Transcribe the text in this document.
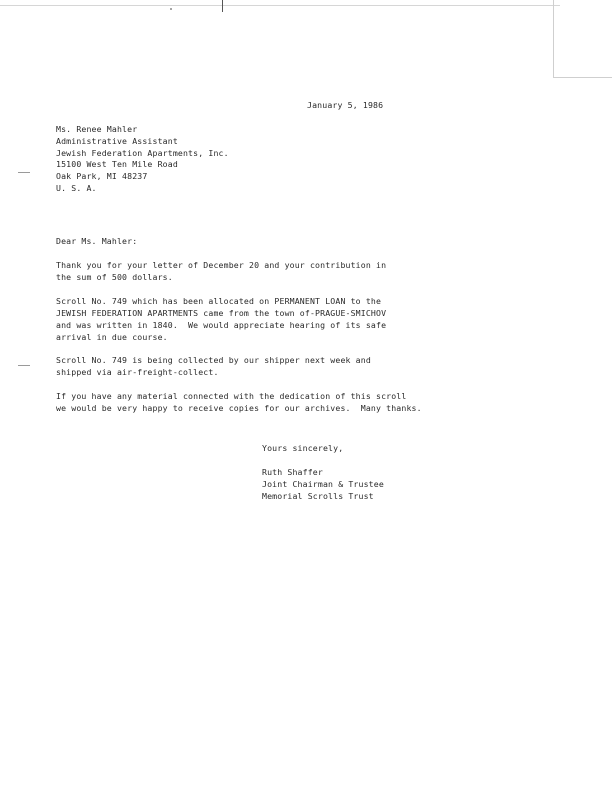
January 5, 1986
Ms. Renee Mahler
Administrative Assistant
Jewish Federation Apartments, Inc.
15100 West Ten Mile Road
Oak Park, MI 48237
U. S. A.
Dear Ms. Mahler:
Thank you for your letter of December 20 and your contribution in
the sum of 500 dollars.
Scroll No. 749 which has been allocated on PERMANENT LOAN to the
JEWISH FEDERATION APARTMENTS came from the town of-PRAGUE-SMICHOV
and was written in 1840.  We would appreciate hearing of its safe
arrival in due course.
Scroll No. 749 is being collected by our shipper next week and
shipped via air-freight-collect.
If you have any material connected with the dedication of this scroll
we would be very happy to receive copies for our archives.  Many thanks.
Yours sincerely,
Ruth Shaffer
Joint Chairman & Trustee
Memorial Scrolls Trust
